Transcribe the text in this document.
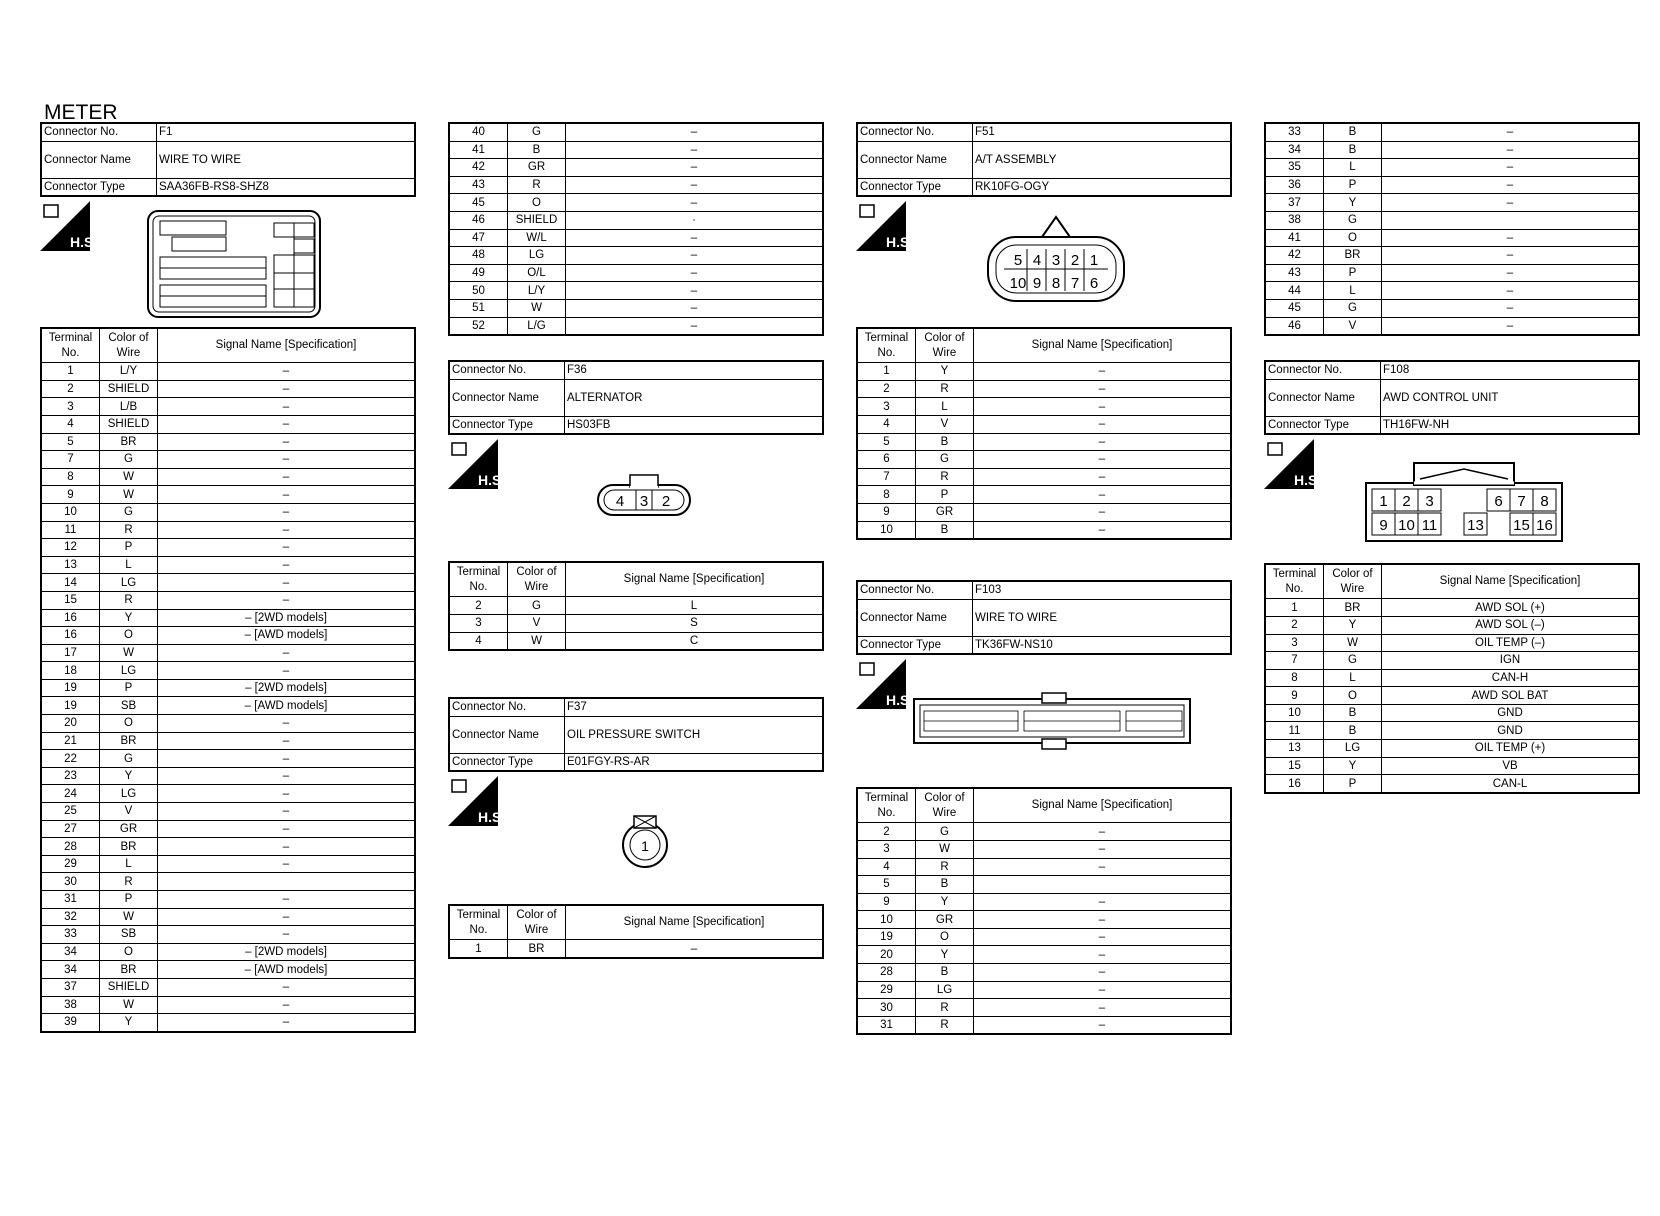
METER
Connector No.	F1
Connector Name	WIRE TO WIRE
Connector Type	SAA36FB-RS8-SHZ8
H.S.
Terminal No.	Color of Wire	Signal Name [Specification]
1	L/Y	–
2	SHIELD	–
3	L/B	–
4	SHIELD	–
5	BR	–
7	G	–
8	W	–
9	W	–
10	G	–
11	R	–
12	P	–
13	L	–
14	LG	–
15	R	–
16	Y	– [2WD models]
16	O	– [AWD models]
17	W	–
18	LG	–
19	P	– [2WD models]
19	SB	– [AWD models]
20	O	–
21	BR	–
22	G	–
23	Y	–
24	LG	–
25	V	–
27	GR	–
28	BR	–
29	L	–
30	R	
31	P	–
32	W	–
33	SB	–
34	O	– [2WD models]
34	BR	– [AWD models]
37	SHIELD	–
38	W	–
39	Y	–
40	G	–
41	B	–
42	GR	–
43	R	–
45	O	–
46	SHIELD	·
47	W/L	–
48	LG	–
49	O/L	–
50	L/Y	–
51	W	–
52	L/G	–
Connector No.	F36
Connector Name	ALTERNATOR
Connector Type	HS03FB
H.S.
4 3 2
Terminal No.	Color of Wire	Signal Name [Specification]
2	G	L
3	V	S
4	W	C
Connector No.	F37
Connector Name	OIL PRESSURE SWITCH
Connector Type	E01FGY-RS-AR
H.S.
1
Terminal No.	Color of Wire	Signal Name [Specification]
1	BR	–
Connector No.	F51
Connector Name	A/T ASSEMBLY
Connector Type	RK10FG-OGY
H.S.
5 4 3 2 1
10 9 8 7 6
Terminal No.	Color of Wire	Signal Name [Specification]
1	Y	–
2	R	–
3	L	–
4	V	–
5	B	–
6	G	–
7	R	–
8	P	–
9	GR	–
10	B	–
Connector No.	F103
Connector Name	WIRE TO WIRE
Connector Type	TK36FW-NS10
H.S.
Terminal No.	Color of Wire	Signal Name [Specification]
2	G	–
3	W	–
4	R	–
5	B	
9	Y	–
10	GR	–
19	O	–
20	Y	–
28	B	–
29	LG	–
30	R	–
31	R	–
33	B	–
34	B	–
35	L	–
36	P	–
37	Y	–
38	G	
41	O	–
42	BR	–
43	P	–
44	L	–
45	G	–
46	V	–
Connector No.	F108
Connector Name	AWD CONTROL UNIT
Connector Type	TH16FW-NH
H.S.
1 2 3	6 7 8
9 10 11 13 15 16
Terminal No.	Color of Wire	Signal Name [Specification]
1	BR	AWD SOL (+)
2	Y	AWD SOL (–)
3	W	OIL TEMP (–)
7	G	IGN
8	L	CAN-H
9	O	AWD SOL BAT
10	B	GND
11	B	GND
13	LG	OIL TEMP (+)
15	Y	VB
16	P	CAN-L
